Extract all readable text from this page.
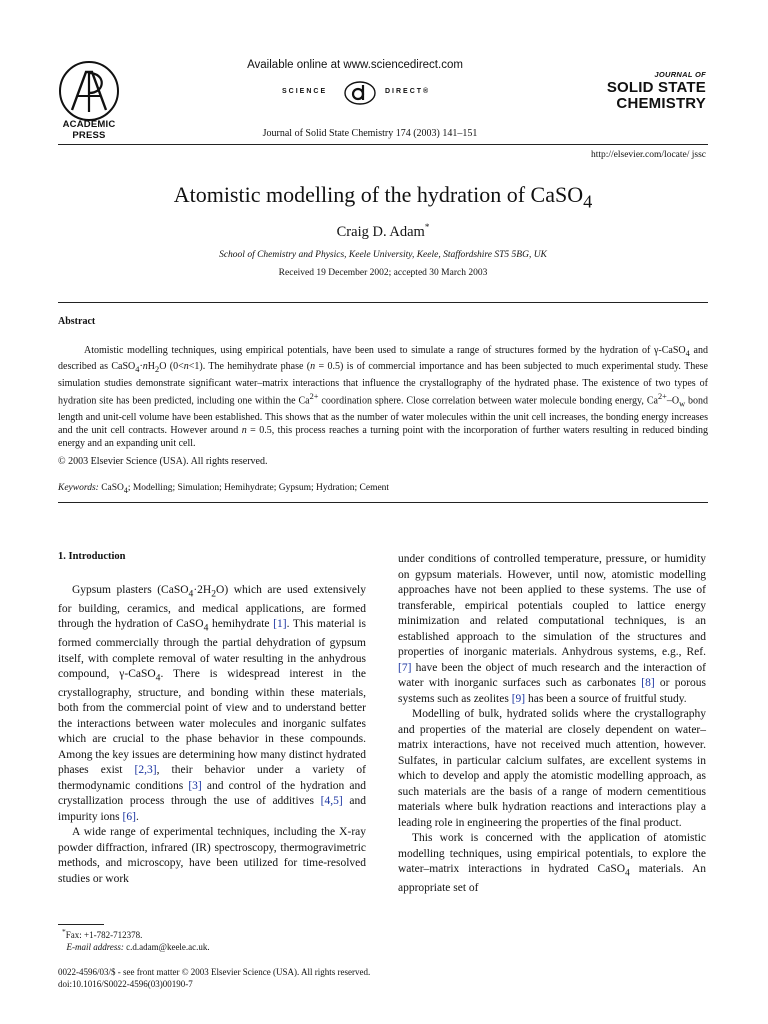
ACADEMIC
PRESS
Available online at www.sciencedirect.com
SCIENCE	DIRECT®
Journal of Solid State Chemistry 174 (2003) 141–151
JOURNAL OF
SOLID STATE
CHEMISTRY
http://elsevier.com/locate/ jssc
Atomistic modelling of the hydration of CaSO$_4$
Craig D. Adam*
School of Chemistry and Physics, Keele University, Keele, Staffordshire ST5 5BG, UK
Received 19 December 2002; accepted 30 March 2003
Abstract
Atomistic modelling techniques, using empirical potentials, have been used to simulate a range of structures formed by the hydration of γ-CaSO$_4$ and described as $CaSO_4\cdot nH_2O$ (0<n<1). The hemihydrate phase (n = 0.5) is of commercial importance and has been subjected to much experimental study. These simulation studies demonstrate significant water–matrix interactions that influence the crystallography of the hydrated phase. The existence of two types of hydration site has been predicted, including one within the $Ca^{2+}$ coordination sphere. Close correlation between water molecule bonding energy, $Ca^{2+}-O_w$ bond length and unit-cell volume have been established. This shows that as the number of water molecules within the unit cell increases, the bonding energy increases and the unit cell contracts. However around n = 0.5, this process reaches a turning point with the incorporation of further waters resulting in reduced binding energy and an expanding unit cell.
© 2003 Elsevier Science (USA). All rights reserved.
Keywords: CaSO$_4$; Modelling; Simulation; Hemihydrate; Gypsum; Hydration; Cement
1. Introduction

Gypsum plasters $(CaSO_4\cdot 2H_2O)$ which are used extensively for building, ceramics, and medical applications, are formed through the hydration of CaSO$_4$ hemihydrate [1]. This material is formed commercially through the partial dehydration of gypsum itself, with complete removal of water resulting in the anhydrous compound, γ-CaSO$_4$. There is widespread interest in the crystallography, structure, and bonding within these materials, both from the commercial point of view and to understand better the interactions between water molecules and inorganic sulfates which are crucial to the phase behavior in these compounds. Among the key issues are determining how many distinct hydrated phases exist [2,3], their behavior under a variety of thermodynamic conditions [3] and control of the hydration and crystallization process through the use of additives [4,5] and impurity ions [6].

A wide range of experimental techniques, including the X-ray powder diffraction, infrared (IR) spectroscopy, thermogravimetric methods, and microscopy, have been utilized for time-resolved studies or work

under conditions of controlled temperature, pressure, or humidity on gypsum materials. However, until now, atomistic modelling approaches have not been applied to these systems. The use of transferable, empirical potentials coupled to lattice energy minimization and related computational techniques, is an established approach to the simulation of the structures and properties of inorganic materials. Anhydrous systems, e.g., Ref. [7] have been the object of much research and the interaction of water with inorganic surfaces such as carbonates [8] or porous systems such as zeolites [9] has been a source of fruitful study.

Modelling of bulk, hydrated solids where the crystallography and properties of the material are closely dependent on water–matrix interactions, have not received much attention, however. Sulfates, in particular calcium sulfates, are excellent systems in which to develop and apply the atomistic modelling approach, as such materials are the basis of a range of modern cementitious materials where bulk hydration reactions and interactions play a leading role in engineering the properties of the final product.

This work is concerned with the application of atomistic modelling techniques, using empirical potentials, to explore the water–matrix interactions in hydrated CaSO$_4$ materials. An appropriate set of

*Fax: +1-782-712378.
E-mail address: c.d.adam@keele.ac.uk.
0022-4596/03/$ - see front matter © 2003 Elsevier Science (USA). All rights reserved.
doi:10.1016/S0022-4596(03)00190-7
